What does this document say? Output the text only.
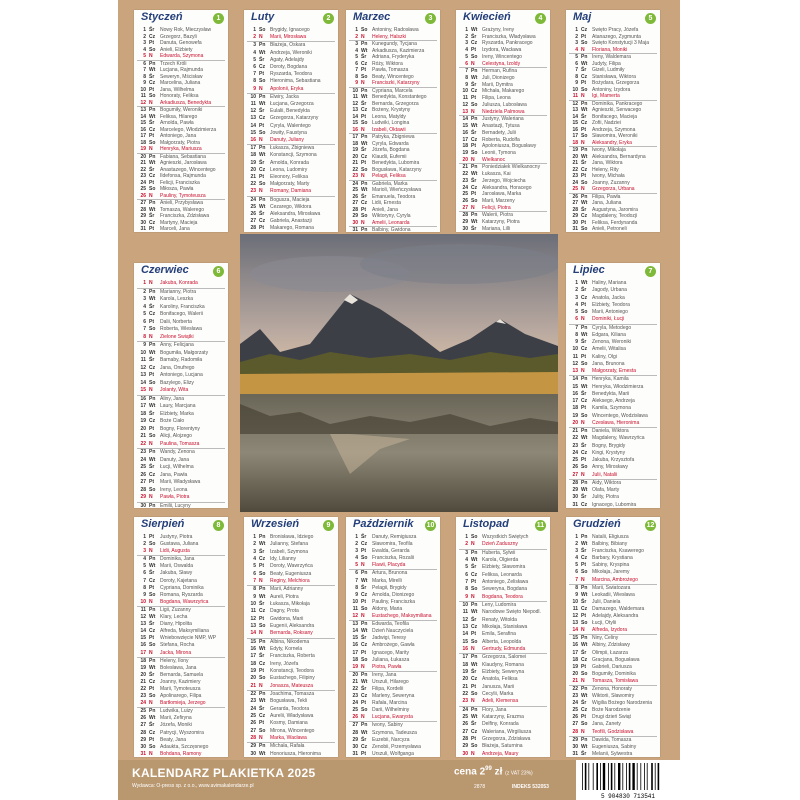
Styczeń	1
1 Śr	Nowy Rok, Mieczysław
2 Cz Grzegorz, Bazyli
3 Pt	Danuta, Genowefa
4 So Anieli, Elżbiety
5 N	Edwarda, Szymona
6 Pn Trzech Króli
7 Wt Lucjana, Rajmunda
8 Śr	Seweryn, Mścisław
9 Cz Marcelina, Juliana
10 Pt	Jana, Wilhelma
11 So Honoraty, Feliksa
12 N	Arkadiusza, Benedykta
13 Pn Bogumiły, Weroniki
14 Wt Feliksa, Hilarego
15 Śr	Arnolda, Pawła
16 Cz Marcelego, Włodzimierza
17 Pt	Antoniego, Jana
18 So Małgorzaty, Piotra
19 N	Henryka, Mariusza
20 Pn Fabiana, Sebastiana
21 Wt Agnieszki, Jarosława
22 Śr	Anastazego, Wincentego
23 Cz Ildefonsa, Rajmunda
24 Pt	Felicji, Franciszka
25 So Miłosza, Pawła
26 N	Pauliny, Tymoteusza
27 Pn Anieli, Przybysława
28 Wt Tomasza, Walerego
29 Śr	Franciszka, Zdzisława
30 Cz Martyny, Macieja
31 Pt	Marceli, Jana
Luty	2
1 So Brygidy, Ignacego
2 N	Marii, Mirosława
3 Pn Błażeja, Oskara
4 Wt Andrzeja, Weroniki
5 Śr	Agaty, Adelajdy
6 Cz Doroty, Bogdana
7 Pt	Ryszarda, Teodora
8 So Hieronima, Sebastiana
9 N	Apolonii, Eryka
10 Pn Elwiry, Jacka
11 Wt Łucjana, Grzegorza
12 Śr	Eulalii, Benedykta
13 Cz Grzegorza, Katarzyny
14 Pt	Cyryla, Walentego
15 So Jowity, Faustyna
16 N	Danuty, Juliany
17 Pn Łukasza, Zbigniewa
18 Wt Konstancji, Szymona
19 Śr	Arnolda, Konrada
20 Cz Leona, Ludomiry
21 Pt	Eleonory, Feliksa
22 So Małgorzaty, Marty
23 N	Romany, Damiana
24 Pn Bogusza, Macieja
25 Wt Cezarego, Wiktora
26 Śr	Aleksandra, Mirosława
27 Cz Gabriela, Anastazji
28 Pt	Makarego, Romana
Marzec	3
1 So Antoniny, Radosława
2 N	Heleny, Halszki
3 Pn Kunegundy, Tycjana
4 Wt Arkadiusza, Kazimierza
5 Śr	Adriana, Fryderyka
6 Cz Róży, Wiktora
7 Pt	Pawła, Tomasza
8 So Beaty, Wincentego
9 N	Franciszki, Katarzyny
10 Pn Cypriana, Marcela
11 Wt Benedykta, Konstantego
12 Śr	Bernarda, Grzegorza
13 Cz Bożeny, Krystyny
14 Pt	Leona, Matyldy
15 So Ludwiki, Longina
16 N	Izabeli, Oktawii
17 Pn Patryka, Zbigniewa
18 Wt Cyryla, Edwarda
19 Śr	Józefa, Bogdana
20 Cz Klaudii, Eufemii
21 Pt	Benedykta, Lubomira
22 So Bogusława, Katarzyny
23 N	Pelagii, Feliksa
24 Pn Gabriela, Marka
25 Wt Marioli, Wieńczysława
26 Śr	Emanuela, Teodora
27 Cz Lidii, Ernesta
28 Pt	Anieli, Jana
29 So Wiktoryny, Cyryla
30 N	Amelii, Leonarda
31 Pn Balbiny, Gwidona
Kwiecień	4
1 Wt Grażyny, Ireny
2 Śr	Franciszka, Władysława
3 Cz Ryszarda, Pankracego
4 Pt	Izydora, Wacława
5 So Ireny, Wincentego
6 N	Celestyna, Izoldy
7 Pn Herman, Rufina
8 Wt Juli, Dionizego
9 Śr	Marii, Dymitra
10 Cz Michała, Makarego
11 Pt	Filipa, Leona
12 So Juliusza, Lubosława
13 N	Niedziela Palmowa
14 Pn Justyny, Waleriana
15 Wt Anastazji, Tytusa
16 Śr	Bernadety, Julii
17 Cz Roberta, Rudolfa
18 Pt	Apoloniusza, Bogusławy
19 So Leonii, Tymona
20 N	Wielkanoc
21 Pn Poniedziałek Wielkanocny
22 Wt Łukasza, Kai
23 Śr	Jerzego, Wojciecha
24 Cz Aleksandra, Horacego
25 Pt	Jarosława, Marka
26 So Marii, Marzeny
27 N	Felicji, Piotra
28 Pn Walerii, Piotra
29 Wt Katarzyny, Piotra
30 Śr	Mariana, Lilli
Maj	5
1 Cz Święto Pracy, Józefa
2 Pt	Atanazego, Zygmunta
3 So Święto Konstytucji 3 Maja
4 N	Floriana, Moniki
5 Pn Ireny, Waldemara
6 Wt Judyty, Filipa
7 Śr	Gizeli, Ludmiły
8 Cz Stanisława, Wiktora
9 Pt	Bożydara, Grzegorza
10 So Antoniny, Izydora
11 N	Igi, Mamerta
12 Pn Dominika, Pankracego
13 Wt Agnieszki, Serwacego
14 Śr	Bonifacego, Macieja
15 Cz Zofii, Nadziei
16 Pt	Andrzeja, Szymona
17 So Sławomira, Weroniki
18 N	Aleksandry, Eryka
19 Pn Iwony, Mikołaja
20 Wt Aleksandra, Bernardyna
21 Śr	Jana, Wiktora
22 Cz Heleny, Rity
23 Pt	Iwony, Michała
24 So Joanny, Zuzanny
25 N	Grzegorza, Urbana
26 Pn Filipa, Pawła
27 Wt Jana, Juliana
28 Śr	Augustyna, Jaromira
29 Cz Magdaleny, Teodozji
30 Pt	Feliksa, Ferdynanda
31 So Anieli, Petroneli
Czerwiec	6
1 N	Jakuba, Konrada
2 Pn Marianny, Piotra
3 Wt Karola, Leszka
4 Śr	Karoliny, Franciszka
5 Cz Bonifacego, Walerii
6 Pt	Dalii, Norberta
7 So Roberta, Wiesława
8 N	Zielone Świątki
9 Pn Anny, Felicjana
10 Wt Bogumiła, Małgorzaty
11 Śr	Barnaby, Radomiła
12 Cz Jana, Onufrego
13 Pt	Antoniego, Lucjana
14 So Bazylego, Elizy
15 N	Jolanty, Wita
16 Pn Aliny, Jana
17 Wt Laury, Marcjana
18 Śr	Elżbiety, Marka
19 Cz Boże Ciało
20 Pt	Bogny, Florentyny
21 So Alicji, Alojzego
22 N	Paulina, Tomasza
23 Pn Wandy, Zenona
24 Wt Danuty, Jana
25 Śr	Łucji, Wilhelma
26 Cz Jana, Pawła
27 Pt	Marii, Władysława
28 So Ireny, Leona
29 N	Pawła, Piotra
30 Pn Emilii, Lucyny
Lipiec	7
1 Wt Haliny, Mariana
2 Śr	Jagody, Urbana
3 Cz Anatola, Jacka
4 Pt	Elżbiety, Teodora
5 So Marii, Antoniego
6 N	Dominiki, Łucji
7 Pn Cyryla, Metodego
8 Wt Edgara, Kiliana
9 Śr	Zenona, Weroniki
10 Cz Amelii, Witalisa
11 Pt	Kaliny, Olgi
12 So Jana, Brunona
13 N	Małgorzaty, Ernesta
14 Pn Henryka, Kamila
15 Wt Henryka, Włodzimierza
16 Śr	Benedykta, Marii
17 Cz Aleksego, Andrzeja
18 Pt	Kamila, Szymona
19 So Wincentego, Wodzisława
20 N	Czesława, Hieronima
21 Pn Daniela, Wiktora
22 Wt Magdaleny, Wawrzyńca
23 Śr	Bogny, Brygidy
24 Cz Kingi, Krystyny
25 Pt	Jakuba, Krzysztofa
26 So Anny, Mirosławy
27 N	Julii, Natalii
28 Pn Aidy, Wiktora
29 Wt Olafa, Marty
30 Śr	Julity, Piotra
31 Cz Ignacego, Lubomira
Sierpień	8
1 Pt	Justyny, Piotra
2 So Gustawa, Juliana
3 N	Lidii, Augusta
4 Pn Dominika, Jana
5 Wt Marii, Oswalda
6 Śr	Jakuba, Sławy
7 Cz Doroty, Kajetana
8 Pt	Cypriana, Dominika
9 So Romana, Ryszarda
10 N	Bogdana, Wawrzyńca
11 Pn Ligii, Zuzanny
12 Wt Klary, Lecha
13 Śr	Diany, Hipolita
14 Cz Alfreda, Maksymiliana
15 Pt	Wniebowzięcie NMP, WP
16 So Stefana, Rocha
17 N	Jacka, Mirona
18 Pn Heleny, Ilony
19 Wt Bolesława, Jana
20 Śr	Bernarda, Samuela
21 Cz Joanny, Kazimiery
22 Pt	Marii, Tymoteusza
23 So Apolinarego, Filipa
24 N	Bartłomieja, Jerzego
25 Pn Ludwika, Luizy
26 Wt Marii, Zefiryna
27 Śr	Józefa, Moniki
28 Cz Patrycji, Wyszomira
29 Pt	Beaty, Jana
30 So Adaukta, Szczęsnego
31 N	Bohdana, Ramony
Wrzesień	9
1 Pn Bronisława, Idziego
2 Wt Julianny, Stefana
3 Śr	Izabeli, Szymona
4 Cz Idy, Lilianny
5 Pt	Doroty, Wawrzyńca
6 So Beaty, Eugeniusza
7 N	Reginy, Melchiora
8 Pn Marii, Adrianny
9 Wt Aureli, Piotra
10 Śr	Łukasza, Mikołaja
11 Cz Dagny, Prota
12 Pt	Gwidona, Marii
13 So Eugenii, Aleksandra
14 N	Bernarda, Roksany
15 Pn Albina, Nikodema
16 Wt Edyty, Kornela
17 Śr	Franciszka, Roberta
18 Cz Ireny, Józefa
19 Pt	Konstancji, Teodora
20 So Eustachego, Filipiny
21 N	Jonasza, Mateusza
22 Pn Joachima, Tomasza
23 Wt Bogusława, Tekli
24 Śr	Gerarda, Teodora
25 Cz Aurelii, Władysława
26 Pt	Kosmy, Damiana
27 So Mirona, Wincentego
28 N	Marka, Wacława
29 Pn Michała, Rafała
30 Wt Honoriusza, Hieronima
Październik 10
1 Śr	Danuty, Remigiusza
2 Cz Sławomira, Teofila
3 Pt	Ewalda, Gerarda
4 So Franciszka, Rozalii
5 N	Flawii, Placyda
6 Pn Artura, Brunona
7 Wt Marka, Mirelli
8 Śr	Pelagii, Brygidy
9 Cz Arnolda, Dionizego
10 Pt	Pauliny, Franciszka
11 So Aldony, Maria
12 N	Eustachego, Maksymiliana
13 Pn Edwarda, Teofila
14 Wt Dzień Nauczyciela
15 Śr	Jadwigi, Teresy
16 Cz Ambrożego, Gawła
17 Pt	Ignacego, Marity
18 So Juliana, Łukasza
19 N	Piotra, Pawła
20 Pn Ireny, Jana
21 Wt Urszuli, Hilarego
22 Śr	Filipa, Kordelii
23 Cz Marleny, Seweryna
24 Pt	Rafała, Marcina
25 So Darii, Wilhelminy
26 N	Lucjana, Ewarysta
27 Pn Iwony, Sabiny
28 Wt Szymona, Tadeusza
29 Śr	Euzebii, Narcyza
30 Cz Zenobii, Przemysława
31 Pt	Urszuli, Wolfganga
Listopad	11
1 So Wszystkich Świętych
2 N	Dzień Zaduszny
3 Pn Huberta, Sylwii
4 Wt Karola, Olgierda
5 Śr	Elżbiety, Sławomira
6 Cz Feliksa, Leonarda
7 Pt	Antoniego, Żelisława
8 So Seweryna, Bogdana
9 N	Bogdana, Teodora
10 Pn Leny, Ludomira
11 Wt Narodowe Święto Niepodl.
12 Śr	Renaty, Witolda
13 Cz Mikołaja, Stanisława
14 Pt	Emila, Serafina
15 So Alberta, Leopolda
16 N	Gertrudy, Edmunda
17 Pn Grzegorza, Salomei
18 Wt Klaudyny, Romana
19 Śr	Elżbiety, Seweryna
20 Cz Anatola, Feliksa
21 Pt	Janusza, Marii
22 So Cecylii, Marka
23 N	Adeli, Klemensa
24 Pn Flory, Jana
25 Wt Katarzyny, Erazma
26 Śr	Delfiny, Konrada
27 Cz Waleriana, Wirgiliusza
28 Pt	Grzegorza, Zdzisława
29 So Błażeja, Saturnina
30 N	Andrzeja, Maury
Grudzień	12
1 Pn Natalii, Eligiusza
2 Wt Balbiny, Bibiany
3 Śr	Franciszka, Ksawerego
4 Cz Barbary, Krystiana
5 Pt	Sabiny, Kryspina
6 So Mikołaja, Jaremy
7 N	Marcina, Ambrożego
8 Pn Marii, Światozara
9 Wt Leokadii, Wiesława
10 Śr	Julii, Daniela
11 Cz Damazego, Waldemara
12 Pt	Adelajdy, Aleksandra
13 So Łucji, Otylii
14 N	Alfreda, Izydora
15 Pn Niny, Celiny
16 Wt Albiny, Zdzisławy
17 Śr	Olimpii, Łazarza
18 Cz Gracjana, Bogusława
19 Pt	Gabrieli, Dariusza
20 So Bogumiły, Dominika
21 N	Tomasza, Tomisława
22 Pn Zenona, Honoraty
23 Wt Wiktorii, Sławomiry
24 Śr	Wigilia Bożego Narodzenia
25 Cz Boże Narodzenie
26 Pt	Drugi dzień Świąt
27 So Jana, Żanety
28 N	Teofili, Godzisława
29 Pn Dawida, Tomasza
30 Wt Eugeniusza, Sabiny
31 Śr	Melanii, Sylwestra
KALENDARZ PLAKIETKA 2025
Wydawca: O-press sp. z o.o., www.avimakalendarze.pl
cena $2^{99}$ zł (z VAT 23%)
2878	INDEKS 532053
5 904830 713541
